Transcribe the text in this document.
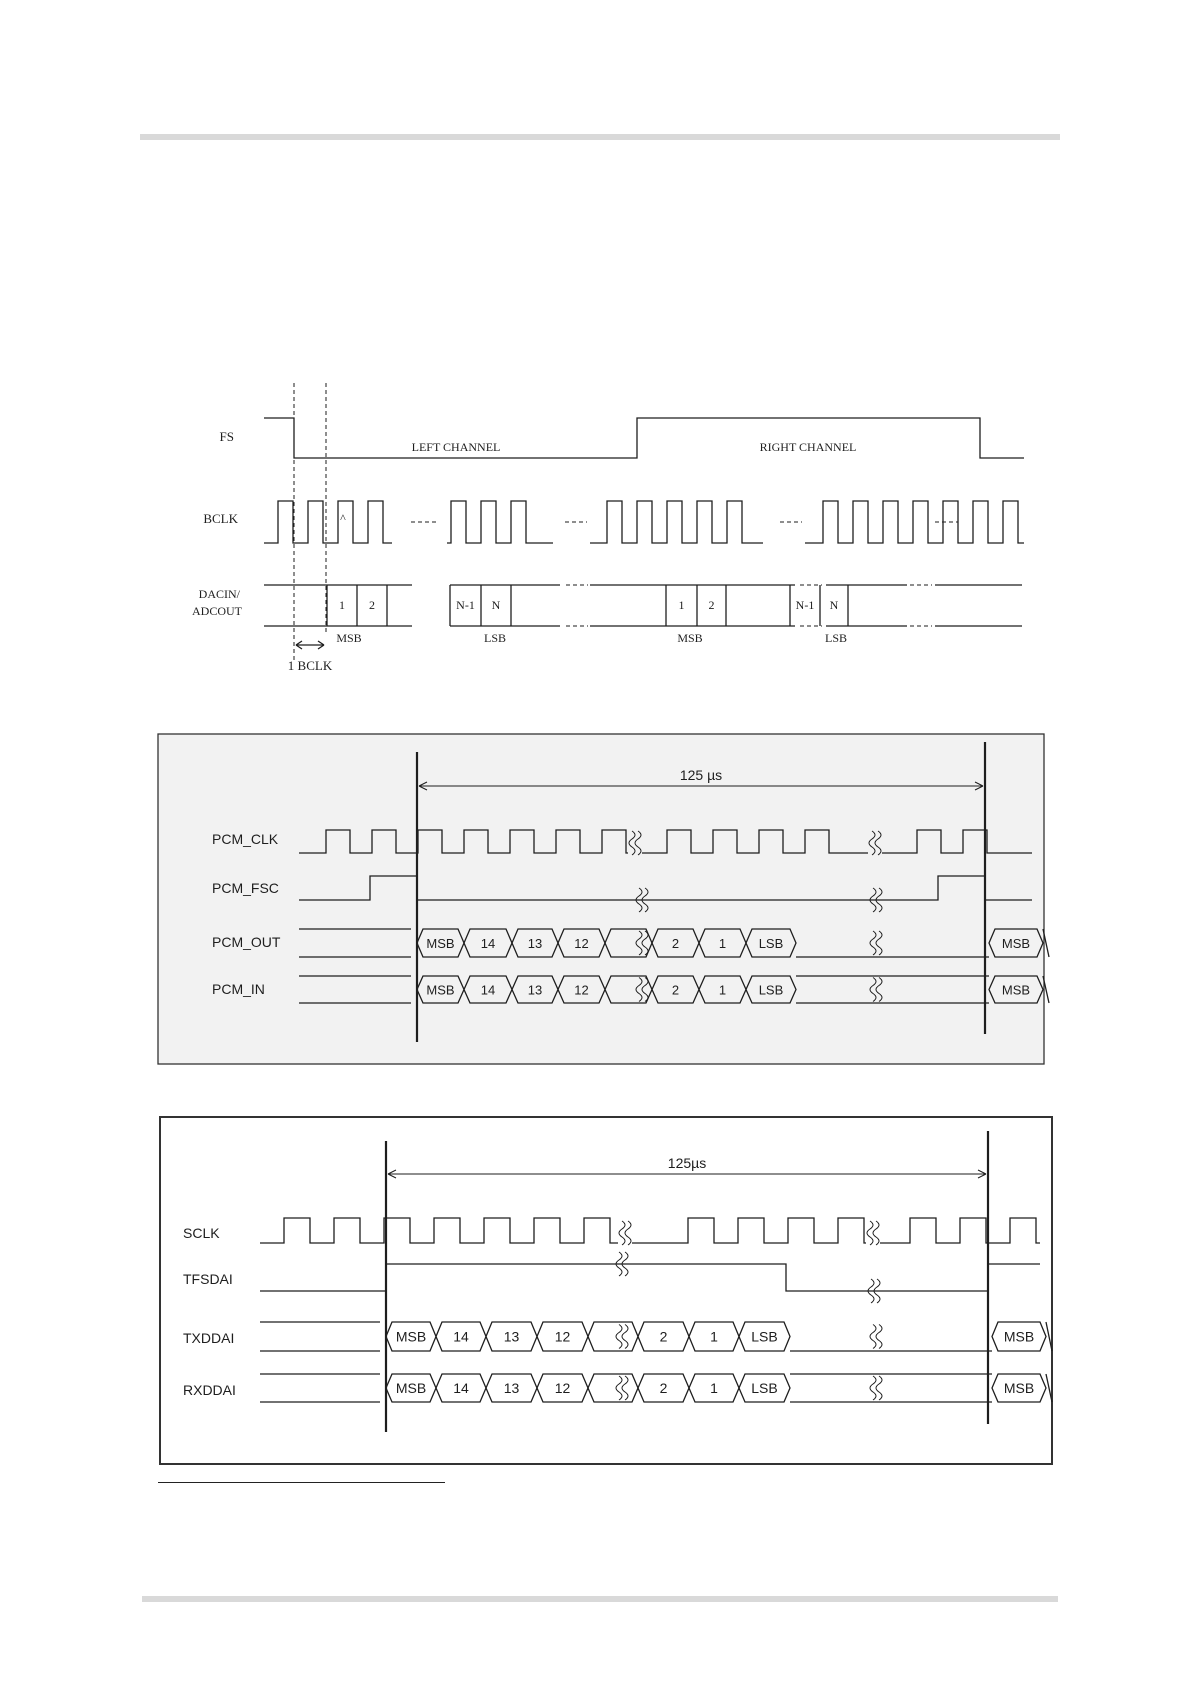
FS
BCLK
DACIN/
ADCOUT
LEFT CHANNEL	RIGHT CHANNEL
^
1 2	N-1 N	1 2	N-1 N
MSB	LSB	MSB	LSB
1 BCLK
125 µs
PCM_CLK
PCM_FSC
PCM_OUT
PCM_IN
MSB 14	13 12	2	1	LSB	MSB
MSB 14	13 12	2	1	LSB	MSB
125µs
SCLK
TFSDAI
TXDDAI
RXDDAI
MSB 14 13	12	2	1 LSB	MSB
MSB 14 13	12	2	1 LSB	MSB
